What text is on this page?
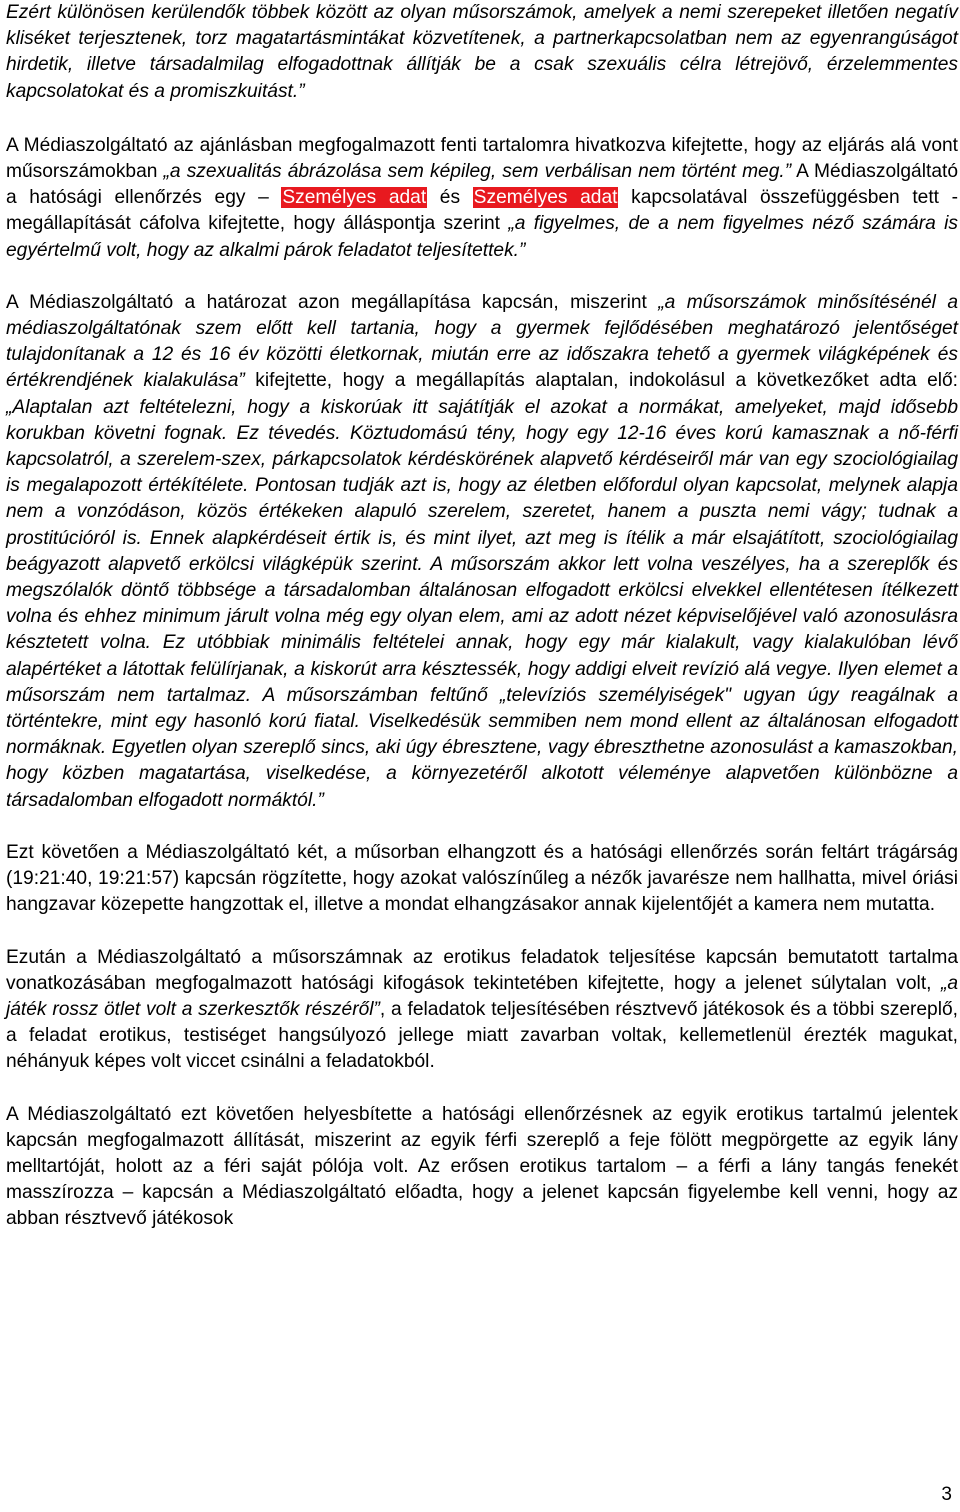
Ezért különösen kerülendők többek között az olyan műsorszámok, amelyek a nemi szerepeket illetően negatív kliséket terjesztenek, torz magatartásmintákat közvetítenek, a partnerkapcsolatban nem az egyenrangúságot hirdetik, illetve társadalmilag elfogadottnak állítják be a csak szexuális célra létrejövő, érzelemmentes kapcsolatokat és a promiszkuitást.”

A Médiaszolgáltató az ajánlásban megfogalmazott fenti tartalomra hivatkozva kifejtette, hogy az eljárás alá vont műsorszámokban „a szexualitás ábrázolása sem képileg, sem verbálisan nem történt meg.” A Médiaszolgáltató a hatósági ellenőrzés egy – Személyes adat és Személyes adat kapcsolatával összefüggésben tett - megállapítását cáfolva kifejtette, hogy álláspontja szerint „a figyelmes, de a nem figyelmes néző számára is egyértelmű volt, hogy az alkalmi párok feladatot teljesítettek.”

A Médiaszolgáltató a határozat azon megállapítása kapcsán, miszerint „a műsorszámok minősítésénél a médiaszolgáltatónak szem előtt kell tartania, hogy a gyermek fejlődésében meghatározó jelentőséget tulajdonítanak a 12 és 16 év közötti életkornak, miután erre az időszakra tehető a gyermek világképének és értékrendjének kialakulása” kifejtette, hogy a megállapítás alaptalan, indokolásul a következőket adta elő: „Alaptalan azt feltételezni, hogy a kiskorúak itt sajátítják el azokat a normákat, amelyeket, majd idősebb korukban követni fognak. Ez tévedés. Köztudomású tény, hogy egy 12-16 éves korú kamasznak a nő-férfi kapcsolatról, a szerelem-szex, párkapcsolatok kérdéskörének alapvető kérdéseiről már van egy szociológiailag is megalapozott értékítélete. Pontosan tudják azt is, hogy az életben előfordul olyan kapcsolat, melynek alapja nem a vonzódáson, közös értékeken alapuló szerelem, szeretet, hanem a puszta nemi vágy; tudnak a prostitúcióról is. Ennek alapkérdéseit értik is, és mint ilyet, azt meg is ítélik a már elsajátított, szociológiailag beágyazott alapvető erkölcsi világképük szerint. A műsorszám akkor lett volna veszélyes, ha a szereplők és megszólalók döntő többsége a társadalomban általánosan elfogadott erkölcsi elvekkel ellentétesen ítélkezett volna és ehhez minimum járult volna még egy olyan elem, ami az adott nézet képviselőjével való azonosulásra késztetett volna. Ez utóbbiak minimális feltételei annak, hogy egy már kialakult, vagy kialakulóban lévő alapértéket a látottak felülírjanak, a kiskorút arra késztessék, hogy addigi elveit revízió alá vegye. Ilyen elemet a műsorszám nem tartalmaz. A műsorszámban feltűnő „televíziós személyiségek" ugyan úgy reagálnak a történtekre, mint egy hasonló korú fiatal. Viselkedésük semmiben nem mond ellent az általánosan elfogadott normáknak. Egyetlen olyan szereplő sincs, aki úgy ébresztene, vagy ébreszthetne azonosulást a kamaszokban, hogy közben magatartása, viselkedése, a környezetéről alkotott véleménye alapvetően különbözne a társadalomban elfogadott normáktól.”

Ezt követően a Médiaszolgáltató két, a műsorban elhangzott és a hatósági ellenőrzés során feltárt trágárság (19:21:40, 19:21:57) kapcsán rögzítette, hogy azokat valószínűleg a nézők javarésze nem hallhatta, mivel óriási hangzavar közepette hangzottak el, illetve a mondat elhangzásakor annak kijelentőjét a kamera nem mutatta.

Ezután a Médiaszolgáltató a műsorszámnak az erotikus feladatok teljesítése kapcsán bemutatott tartalma vonatkozásában megfogalmazott hatósági kifogások tekintetében kifejtette, hogy a jelenet súlytalan volt, „a játék rossz ötlet volt a szerkesztők részéről”, a feladatok teljesítésében résztvevő játékosok és a többi szereplő, a feladat erotikus, testiséget hangsúlyozó jellege miatt zavarban voltak, kellemetlenül érezték magukat, néhányuk képes volt viccet csinálni a feladatokból.

A Médiaszolgáltató ezt követően helyesbítette a hatósági ellenőrzésnek az egyik erotikus tartalmú jelentek kapcsán megfogalmazott állítását, miszerint az egyik férfi szereplő a feje fölött megpörgette az egyik lány melltartóját, holott az a féri saját pólója volt. Az erősen erotikus tartalom – a férfi a lány tangás fenekét masszírozza – kapcsán a Médiaszolgáltató előadta, hogy a jelenet kapcsán figyelembe kell venni, hogy az abban résztvevő játékosok

3
